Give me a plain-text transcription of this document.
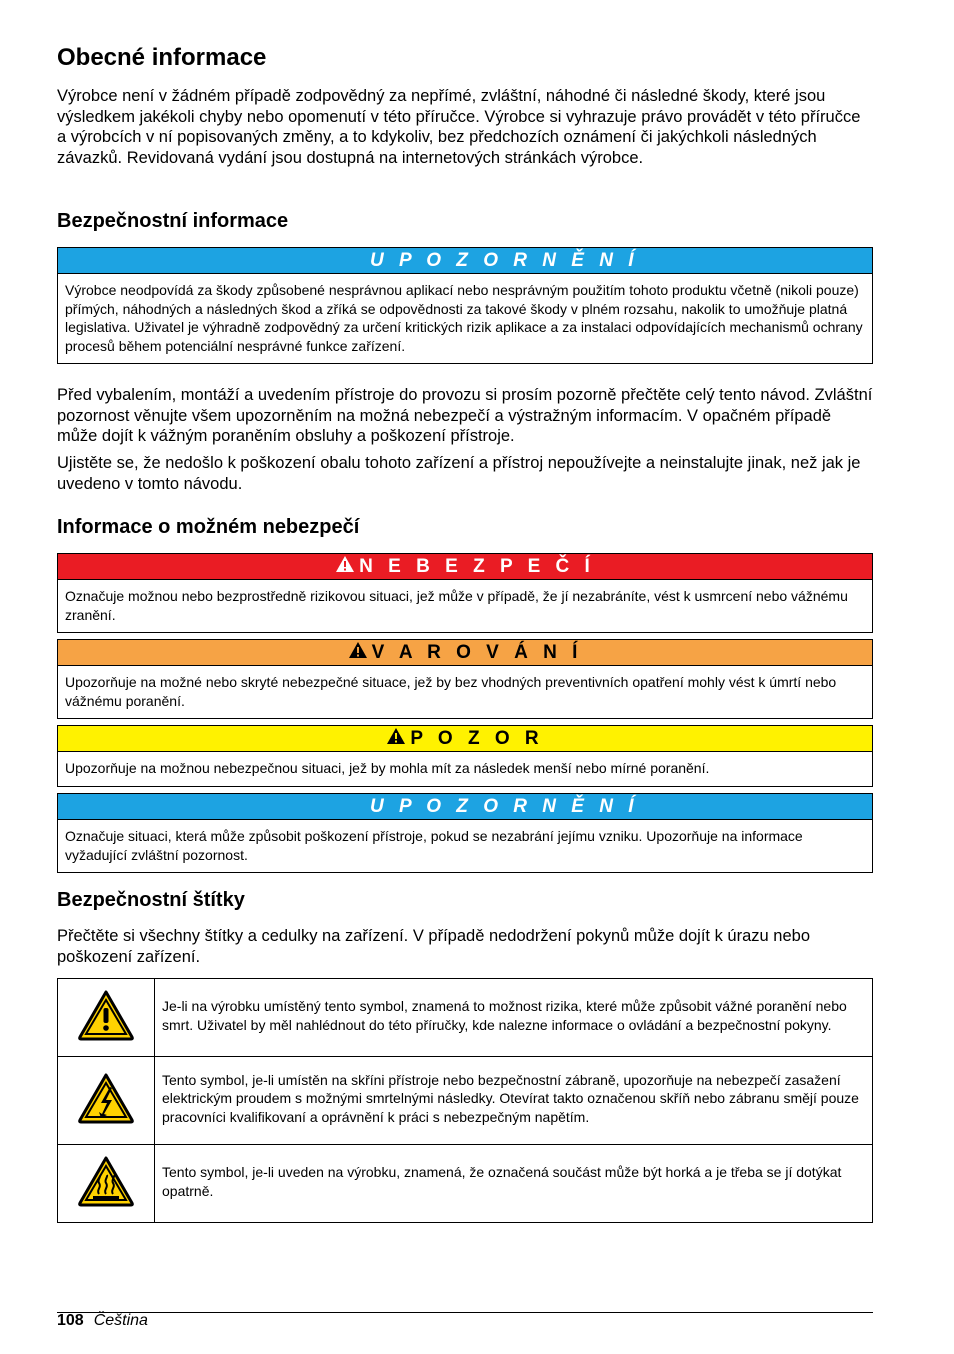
Obecné informace

Výrobce není v žádném případě zodpovědný za nepřímé, zvláštní, náhodné či následné škody, které jsou výsledkem jakékoli chyby nebo opomenutí v této příručce. Výrobce si vyhrazuje právo provádět v této příručce a výrobcích v ní popisovaných změny, a to kdykoliv, bez předchozích oznámení či jakýchkoli následných závazků. Revidovaná vydání jsou dostupná na internetových stránkách výrobce.

Bezpečnostní informace
U P O Z O R N Ě N Í
Výrobce neodpovídá za škody způsobené nesprávnou aplikací nebo nesprávným použitím tohoto produktu včetně (nikoli pouze) přímých, náhodných a následných škod a zříká se odpovědnosti za takové škody v plném rozsahu, nakolik to umožňuje platná legislativa. Uživatel je výhradně zodpovědný za určení kritických rizik aplikace a za instalaci odpovídajících mechanismů ochrany procesů během potenciální nesprávné funkce zařízení.

Před vybalením, montáží a uvedením přístroje do provozu si prosím pozorně přečtěte celý tento návod. Zvláštní pozornost věnujte všem upozorněním na možná nebezpečí a výstražným informacím. V opačném případě může dojít k vážným poraněním obsluhy a poškození přístroje.

Ujistěte se, že nedošlo k poškození obalu tohoto zařízení a přístroj nepoužívejte a neinstalujte jinak, než jak je uvedeno v tomto návodu.

Informace o možném nebezpečí
N E B E Z P E Č Í
Označuje možnou nebo bezprostředně rizikovou situaci, jež může v případě, že jí nezabráníte, vést k usmrcení nebo vážnému zranění.
V A R O V Á N Í
Upozorňuje na možné nebo skryté nebezpečné situace, jež by bez vhodných preventivních opatření mohly vést k úmrtí nebo vážnému poranění.
P O Z O R
Upozorňuje na možnou nebezpečnou situaci, jež by mohla mít za následek menší nebo mírné poranění.
U P O Z O R N Ě N Í
Označuje situaci, která může způsobit poškození přístroje, pokud se nezabrání jejímu vzniku. Upozorňuje na informace vyžadující zvláštní pozornost.
Bezpečnostní štítky

Přečtěte si všechny štítky a cedulky na zařízení. V případě nedodržení pokynů může dojít k úrazu nebo poškození zařízení.

	Je-li na výrobku umístěný tento symbol, znamená to možnost rizika, které může způsobit vážné poranění nebo smrt. Uživatel by měl nahlédnout do této příručky, kde nalezne informace o ovládání a bezpečnostní pokyny.
	Tento symbol, je-li umístěn na skříni přístroje nebo bezpečnostní zábraně, upozorňuje na nebezpečí zasažení elektrickým proudem s možnými smrtelnými následky. Otevírat takto označenou skříň nebo zábranu smějí pouze pracovníci kvalifikovaní a oprávnění k práci s nebezpečným napětím.
	Tento symbol, je-li uveden na výrobku, znamená, že označená součást může být horká a je třeba se jí dotýkat opatrně.
108 Čeština
